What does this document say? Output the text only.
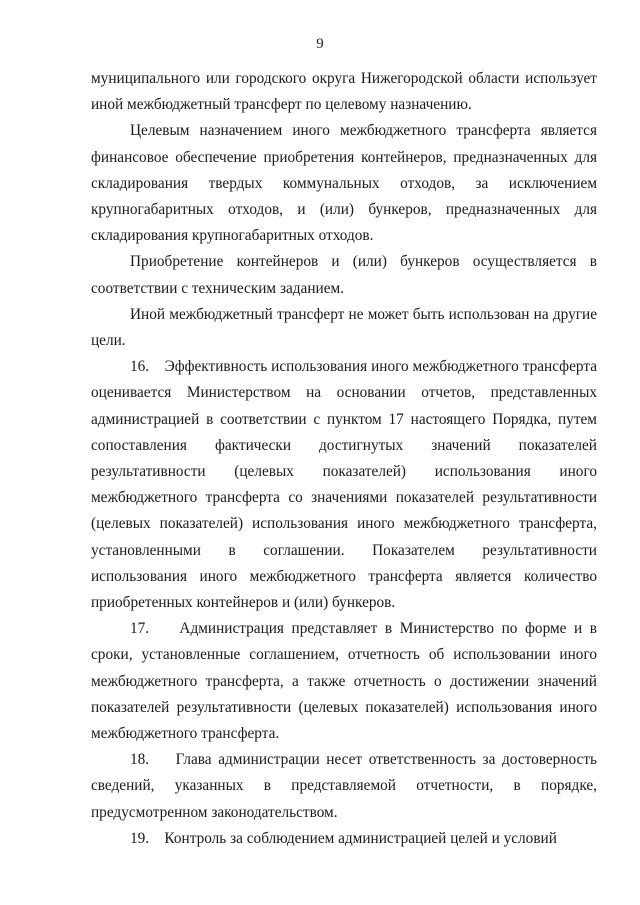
9

муниципального или городского округа Нижегородской области использует иной межбюджетный трансферт по целевому назначению.

Целевым назначением иного межбюджетного трансферта является финансовое обеспечение приобретения контейнеров, предназначенных для складирования твердых коммунальных отходов, за исключением крупногабаритных отходов, и (или) бункеров, предназначенных для складирования крупногабаритных отходов.

Приобретение контейнеров и (или) бункеров осуществляется в соответствии с техническим заданием.

Иной межбюджетный трансферт не может быть использован на другие цели.

16.    Эффективность использования иного межбюджетного трансферта оценивается Министерством на основании отчетов, представленных администрацией в соответствии с пунктом 17 настоящего Порядка, путем сопоставления фактически достигнутых значений показателей результативности (целевых показателей) использования иного межбюджетного трансферта со значениями показателей результативности (целевых показателей) использования иного межбюджетного трансферта, установленными в соглашении. Показателем результативности использования иного межбюджетного трансферта является количество приобретенных контейнеров и (или) бункеров.

17.    Администрация представляет в Министерство по форме и в сроки, установленные соглашением, отчетность об использовании иного межбюджетного трансферта, а также отчетность о достижении значений показателей результативности (целевых показателей) использования иного межбюджетного трансферта.

18.    Глава администрации несет ответственность за достоверность сведений, указанных в представляемой отчетности, в порядке, предусмотренном законодательством.

19.    Контроль за соблюдением администрацией целей и условий
